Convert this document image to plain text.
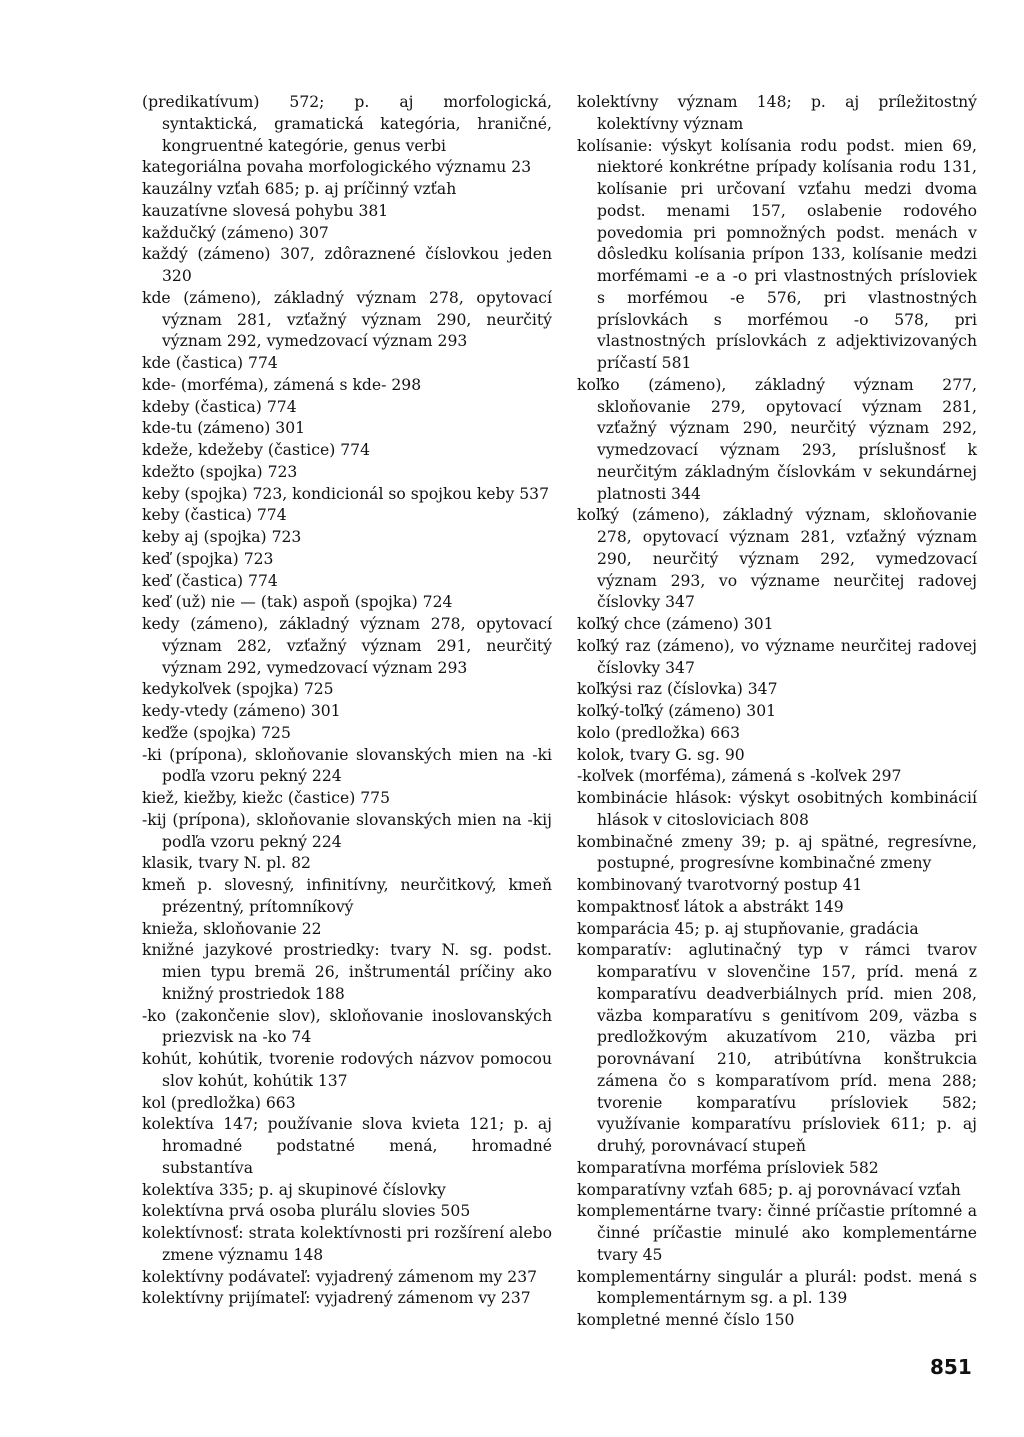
(predikatívum) 572; p. aj morfologická, syntaktická, gramatická kategória, hraničné, kongruentné kategórie, genus verbi

kategoriálna povaha morfologického významu 23

kauzálny vzťah 685; p. aj príčinný vzťah

kauzatívne slovesá pohybu 381

každučký (zámeno) 307

každý (zámeno) 307, zdôraznené číslovkou jeden 320

kde (zámeno), základný význam 278, opytovací význam 281, vzťažný význam 290, neurčitý význam 292, vymedzovací význam 293

kde (častica) 774

kde- (morféma), zámená s kde- 298

kdeby (častica) 774

kde-tu (zámeno) 301

kdeže, kdežeby (častice) 774

kdežto (spojka) 723

keby (spojka) 723, kondicionál so spojkou keby 537

keby (častica) 774

keby aj (spojka) 723

keď (spojka) 723

keď (častica) 774

keď (už) nie — (tak) aspoň (spojka) 724

kedy (zámeno), základný význam 278, opytovací význam 282, vzťažný význam 291, neurčitý význam 292, vymedzovací význam 293

kedykoľvek (spojka) 725

kedy-vtedy (zámeno) 301

keďže (spojka) 725

-ki (prípona), skloňovanie slovanských mien na -ki podľa vzoru pekný 224

kiež, kiežby, kiežc (častice) 775

-kij (prípona), skloňovanie slovanských mien na -kij podľa vzoru pekný 224

klasik, tvary N. pl. 82

kmeň p. slovesný, infinitívny, neurčitkový, kmeň prézentný, prítomníkový

knieža, skloňovanie 22

knižné jazykové prostriedky: tvary N. sg. podst. mien typu bremä 26, inštrumentál príčiny ako knižný prostriedok 188

-ko (zakončenie slov), skloňovanie inoslovanských priezvisk na -ko 74

kohút, kohútik, tvorenie rodových názvov pomocou slov kohút, kohútik 137

kol (predložka) 663

kolektíva 147; používanie slova kvieta 121; p. aj hromadné podstatné mená, hromadné substantíva

kolektíva 335; p. aj skupinové číslovky

kolektívna prvá osoba plurálu slovies 505

kolektívnosť: strata kolektívnosti pri rozšírení alebo zmene významu 148

kolektívny podávateľ: vyjadrený zámenom my 237

kolektívny prijímateľ: vyjadrený zámenom vy 237

kolektívny význam 148; p. aj príležitostný kolektívny význam

kolísanie: výskyt kolísania rodu podst. mien 69, niektoré konkrétne prípady kolísania rodu 131, kolísanie pri určovaní vzťahu medzi dvoma podst. menami 157, oslabenie rodového povedomia pri pomnožných podst. menách v dôsledku kolísania prípon 133, kolísanie medzi morfémami -e a -o pri vlastnostných prísloviek s morfémou -e 576, pri vlastnostných príslovkách s morfémou -o 578, pri vlastnostných príslovkách z adjektivizovaných príčastí 581

koľko (zámeno), základný význam 277, skloňovanie 279, opytovací význam 281, vzťažný význam 290, neurčitý význam 292, vymedzovací význam 293, príslušnosť k neurčitým základným číslovkám v sekundárnej platnosti 344

koľký (zámeno), základný význam, skloňovanie 278, opytovací význam 281, vzťažný význam 290, neurčitý význam 292, vymedzovací význam 293, vo význame neurčitej radovej číslovky 347

koľký chce (zámeno) 301

koľký raz (zámeno), vo význame neurčitej radovej číslovky 347

koľkýsi raz (číslovka) 347

koľký-toľký (zámeno) 301

kolo (predložka) 663

kolok, tvary G. sg. 90

-koľvek (morféma), zámená s -koľvek 297

kombinácie hlások: výskyt osobitných kombinácií hlások v citosloviciach 808

kombinačné zmeny 39; p. aj spätné, regresívne, postupné, progresívne kombinačné zmeny

kombinovaný tvarotvorný postup 41

kompaktnosť látok a abstrákt 149

komparácia 45; p. aj stupňovanie, gradácia

komparatív: aglutinačný typ v rámci tvarov komparatívu v slovenčine 157, príd. mená z komparatívu deadverbiálnych príd. mien 208, väzba komparatívu s genitívom 209, väzba s predložkovým akuzatívom 210, väzba pri porovnávaní 210, atribútívna konštrukcia zámena čo s komparatívom príd. mena 288; tvorenie komparatívu prísloviek 582; využívanie komparatívu prísloviek 611; p. aj druhý, porovnávací stupeň

komparatívna morféma prísloviek 582

komparatívny vzťah 685; p. aj porovnávací vzťah

komplementárne tvary: činné príčastie prítomné a činné príčastie minulé ako komplementárne tvary 45

komplementárny singulár a plurál: podst. mená s komplementárnym sg. a pl. 139

kompletné menné číslo 150

851
